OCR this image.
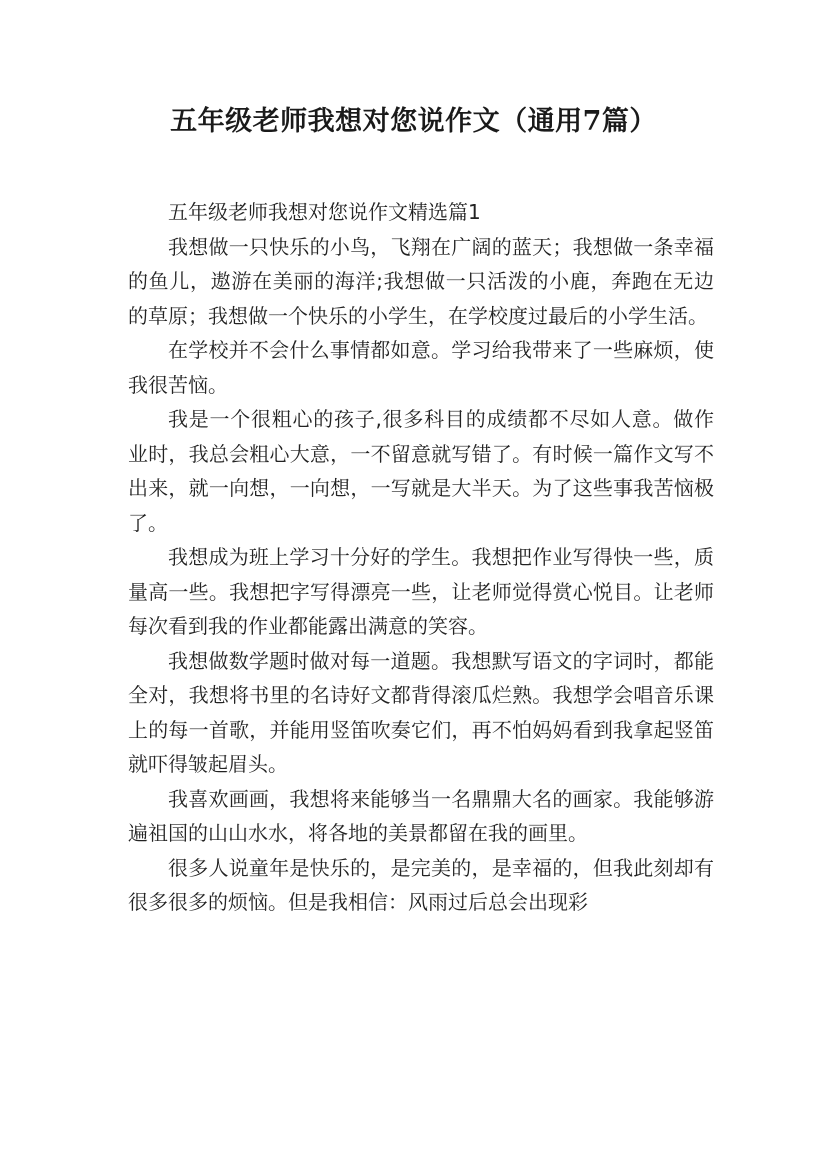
五年级老师我想对您说作文（通用7篇）

五年级老师我想对您说作文精选篇1

我想做一只快乐的小鸟，飞翔在广阔的蓝天；我想做一条幸福的鱼儿，遨游在美丽的海洋;我想做一只活泼的小鹿，奔跑在无边的草原；我想做一个快乐的小学生，在学校度过最后的小学生活。

在学校并不会什么事情都如意。学习给我带来了一些麻烦，使我很苦恼。

我是一个很粗心的孩子,很多科目的成绩都不尽如人意。做作业时，我总会粗心大意，一不留意就写错了。有时候一篇作文写不出来，就一向想，一向想，一写就是大半天。为了这些事我苦恼极了。

我想成为班上学习十分好的学生。我想把作业写得快一些，质量高一些。我想把字写得漂亮一些，让老师觉得赏心悦目。让老师每次看到我的作业都能露出满意的笑容。

我想做数学题时做对每一道题。我想默写语文的字词时，都能全对，我想将书里的名诗好文都背得滚瓜烂熟。我想学会唱音乐课上的每一首歌，并能用竖笛吹奏它们，再不怕妈妈看到我拿起竖笛就吓得皱起眉头。

我喜欢画画，我想将来能够当一名鼎鼎大名的画家。我能够游遍祖国的山山水水，将各地的美景都留在我的画里。

很多人说童年是快乐的，是完美的，是幸福的，但我此刻却有很多很多的烦恼。但是我相信：风雨过后总会出现彩
